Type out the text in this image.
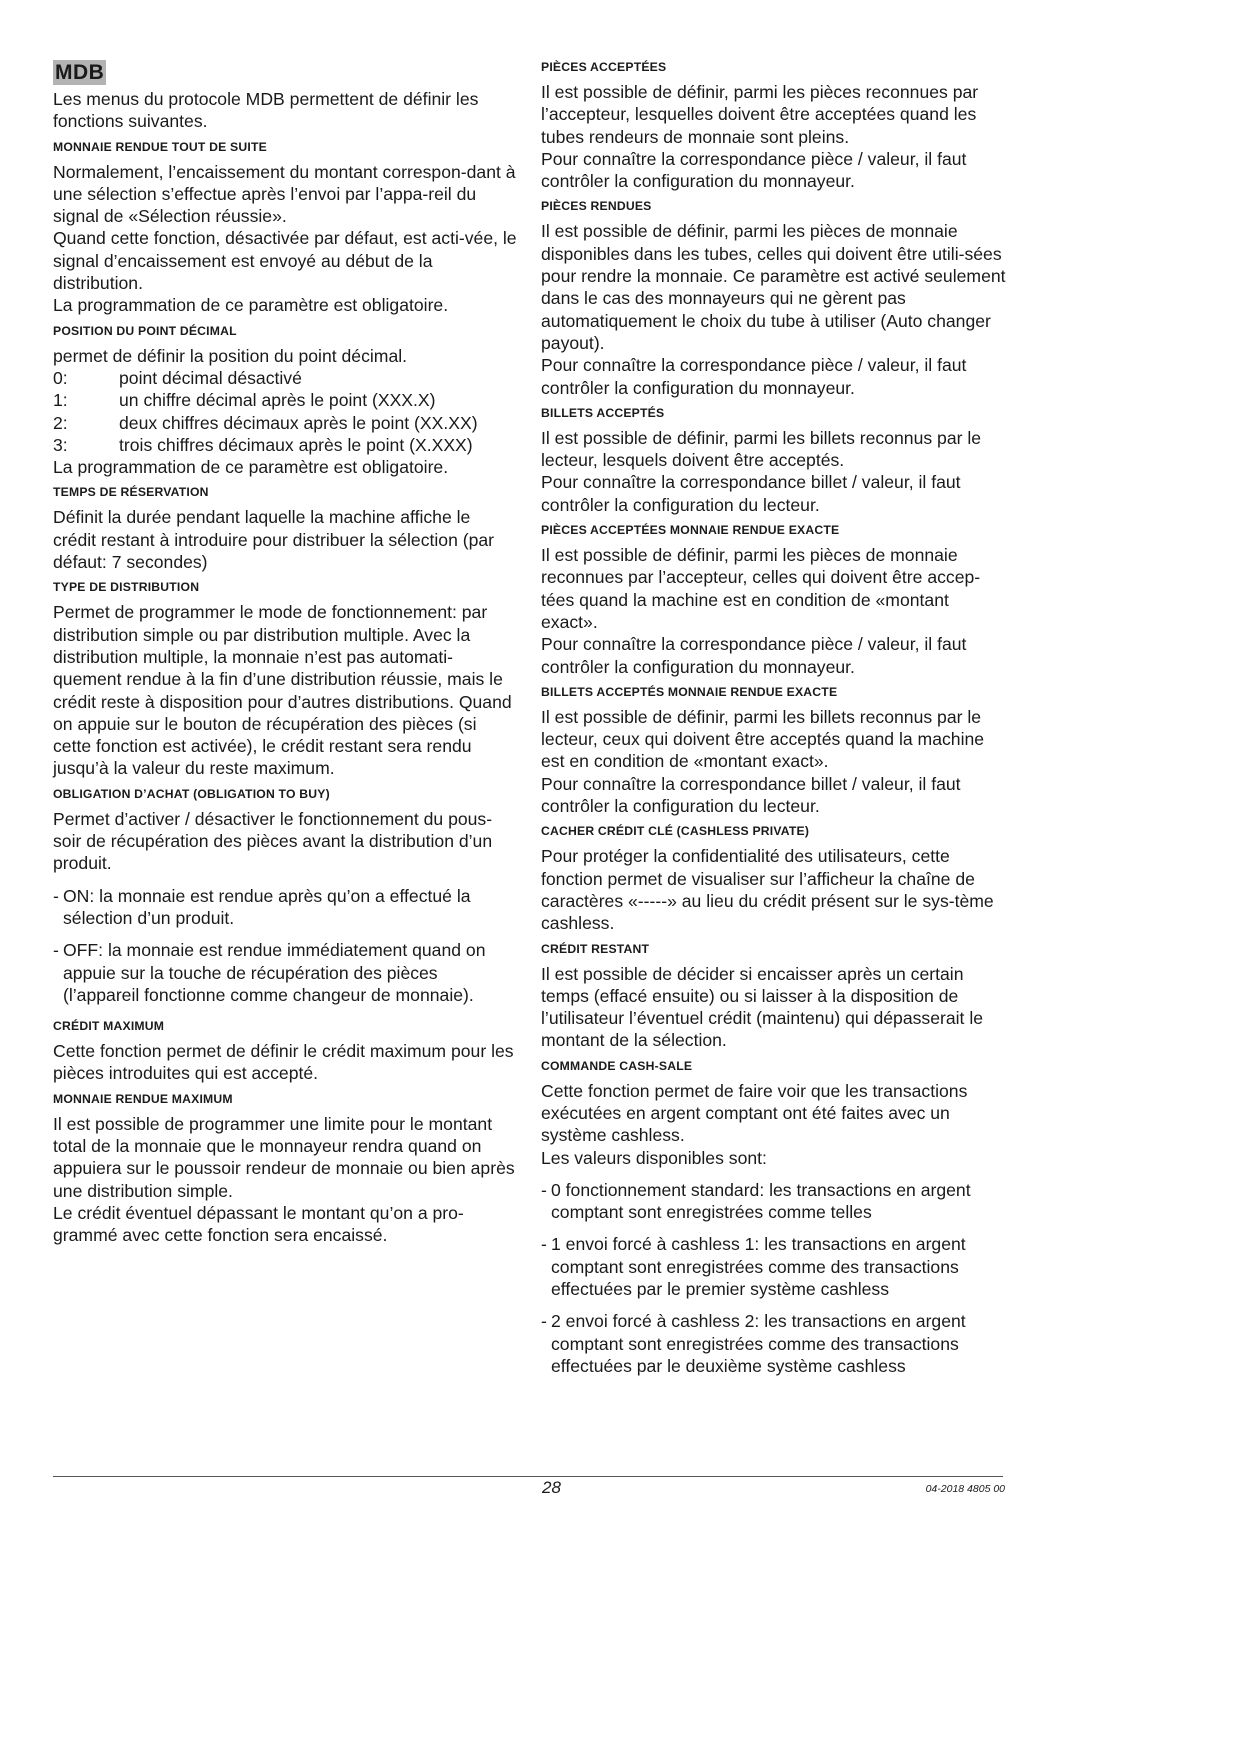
MDB

Les menus du protocole MDB permettent de définir les fonctions suivantes.

MONNAIE RENDUE TOUT DE SUITE

Normalement, l’encaissement du montant correspon-dant à une sélection s’effectue après l’envoi par l’appa-reil du signal de «Sélection réussie».

Quand cette fonction, désactivée par défaut, est acti-vée, le signal d’encaissement est envoyé au début de la distribution.

La programmation de ce paramètre est obligatoire.

POSITION DU POINT DÉCIMAL

permet de définir la position du point décimal.

0:	point décimal désactivé
1:	un chiffre décimal après le point (XXX.X)
2:	deux chiffres décimaux après le point (XX.XX)
3:	trois chiffres décimaux après le point (X.XXX)

La programmation de ce paramètre est obligatoire.

TEMPS DE RÉSERVATION

Définit la durée pendant laquelle la machine affiche le crédit restant à introduire pour distribuer la sélection (par défaut: 7 secondes)

TYPE DE DISTRIBUTION

Permet de programmer le mode de fonctionnement: par distribution simple ou par distribution multiple. Avec la distribution multiple, la monnaie n’est pas automati-quement rendue à la fin d’une distribution réussie, mais le crédit reste à disposition pour d’autres distributions. Quand on appuie sur le bouton de récupération des pièces (si cette fonction est activée), le crédit restant sera rendu jusqu’à la valeur du reste maximum.

OBLIGATION D’ACHAT (OBLIGATION TO BUY)

Permet d’activer / désactiver le fonctionnement du pous-soir de récupération des pièces avant la distribution d’un produit.

- ON: la monnaie est rendue après qu’on a effectué la sélection d’un produit.
- OFF: la monnaie est rendue immédiatement quand on appuie sur la touche de récupération des pièces (l’appareil fonctionne comme changeur de monnaie).
CRÉDIT MAXIMUM

Cette fonction permet de définir le crédit maximum pour les pièces introduites qui est accepté.

MONNAIE RENDUE MAXIMUM

Il est possible de programmer une limite pour le montant total de la monnaie que le monnayeur rendra quand on appuiera sur le poussoir rendeur de monnaie ou bien après une distribution simple.

Le crédit éventuel dépassant le montant qu’on a pro-grammé avec cette fonction sera encaissé.

PIÈCES ACCEPTÉES

Il est possible de définir, parmi les pièces reconnues par l’accepteur, lesquelles doivent être acceptées quand les tubes rendeurs de monnaie sont pleins.

Pour connaître la correspondance pièce / valeur, il faut contrôler la configuration du monnayeur.

PIÈCES RENDUES

Il est possible de définir, parmi les pièces de monnaie disponibles dans les tubes, celles qui doivent être utili-sées pour rendre la monnaie. Ce paramètre est activé seulement dans le cas des monnayeurs qui ne gèrent pas automatiquement le choix du tube à utiliser (Auto changer payout).

Pour connaître la correspondance pièce / valeur, il faut contrôler la configuration du monnayeur.

BILLETS ACCEPTÉS

Il est possible de définir, parmi les billets reconnus par le lecteur, lesquels doivent être acceptés.

Pour connaître la correspondance billet / valeur, il faut contrôler la configuration du lecteur.

PIÈCES ACCEPTÉES MONNAIE RENDUE EXACTE

Il est possible de définir, parmi les pièces de monnaie reconnues par l’accepteur, celles qui doivent être accep-tées quand la machine est en condition de «montant exact».

Pour connaître la correspondance pièce / valeur, il faut contrôler la configuration du monnayeur.

BILLETS ACCEPTÉS MONNAIE RENDUE EXACTE

Il est possible de définir, parmi les billets reconnus par le lecteur, ceux qui doivent être acceptés quand la machine est en condition de «montant exact».

Pour connaître la correspondance billet / valeur, il faut contrôler la configuration du lecteur.

CACHER CRÉDIT CLÉ (CASHLESS PRIVATE)

Pour protéger la confidentialité des utilisateurs, cette fonction permet de visualiser sur l’afficheur la chaîne de caractères «-----» au lieu du crédit présent sur le sys-tème cashless.

CRÉDIT RESTANT

Il est possible de décider si encaisser après un certain temps (effacé ensuite) ou si laisser à la disposition de l’utilisateur l’éventuel crédit (maintenu) qui dépasserait le montant de la sélection.

COMMANDE CASH-SALE

Cette fonction permet de faire voir que les transactions exécutées en argent comptant ont été faites avec un système cashless.

Les valeurs disponibles sont:

- 0 fonctionnement standard: les transactions en argent comptant sont enregistrées comme telles
- 1 envoi forcé à cashless 1: les transactions en argent comptant sont enregistrées comme des transactions effectuées par le premier système cashless
- 2 envoi forcé à cashless 2: les transactions en argent comptant sont enregistrées comme des transactions effectuées par le deuxième système cashless
28	04-2018 4805 00
